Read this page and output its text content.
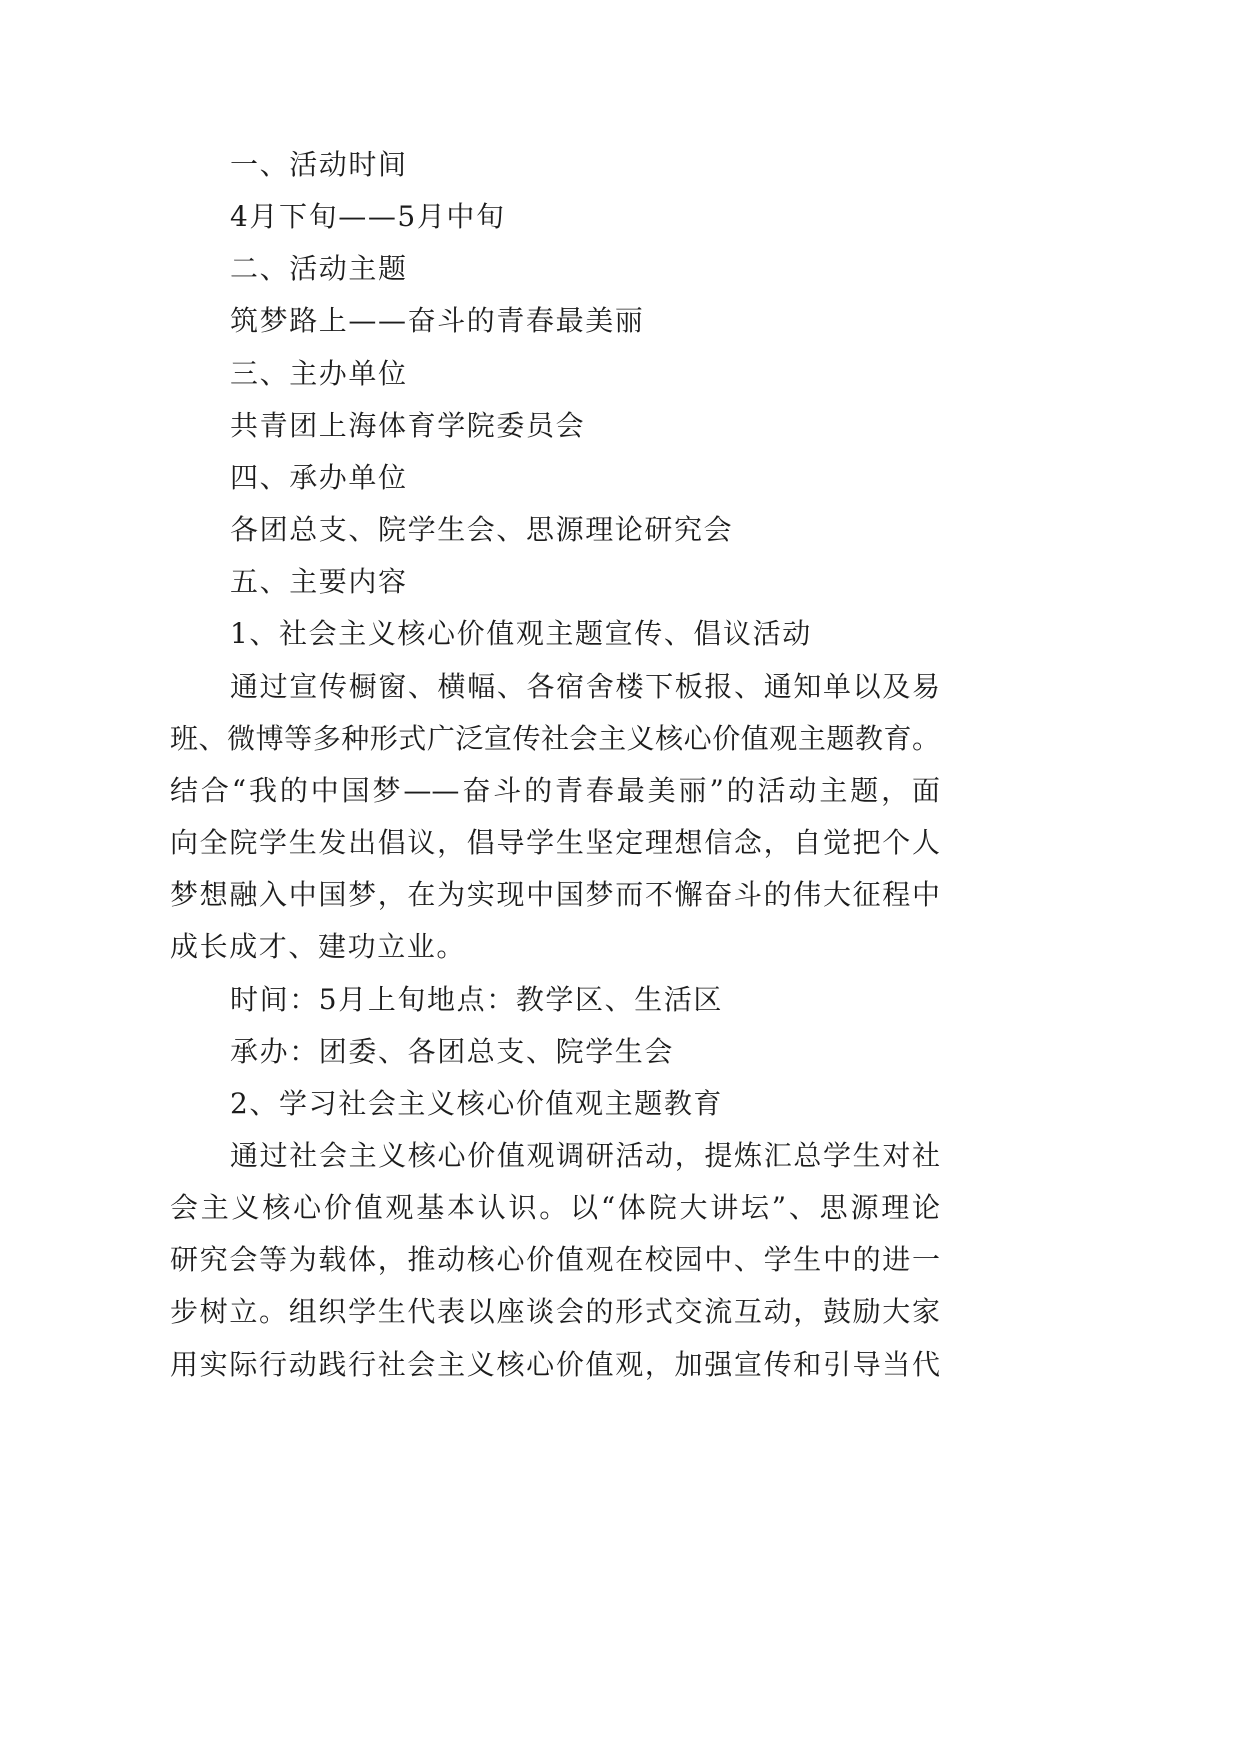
一、活动时间
4月下旬——5月中旬
二、活动主题
筑梦路上——奋斗的青春最美丽
三、主办单位
共青团上海体育学院委员会
四、承办单位
各团总支、院学生会、思源理论研究会
五、主要内容
1、社会主义核心价值观主题宣传、倡议活动
通过宣传橱窗、横幅、各宿舍楼下板报、通知单以及易
班、微博等多种形式广泛宣传社会主义核心价值观主题教育。
结合“我的中国梦——奋斗的青春最美丽”的活动主题，面
向全院学生发出倡议，倡导学生坚定理想信念，自觉把个人
梦想融入中国梦，在为实现中国梦而不懈奋斗的伟大征程中
成长成才、建功立业。
时间：5月上旬地点：教学区、生活区
承办：团委、各团总支、院学生会
2、学习社会主义核心价值观主题教育
通过社会主义核心价值观调研活动，提炼汇总学生对社
会主义核心价值观基本认识。以“体院大讲坛”、思源理论
研究会等为载体，推动核心价值观在校园中、学生中的进一
步树立。组织学生代表以座谈会的形式交流互动，鼓励大家
用实际行动践行社会主义核心价值观，加强宣传和引导当代
